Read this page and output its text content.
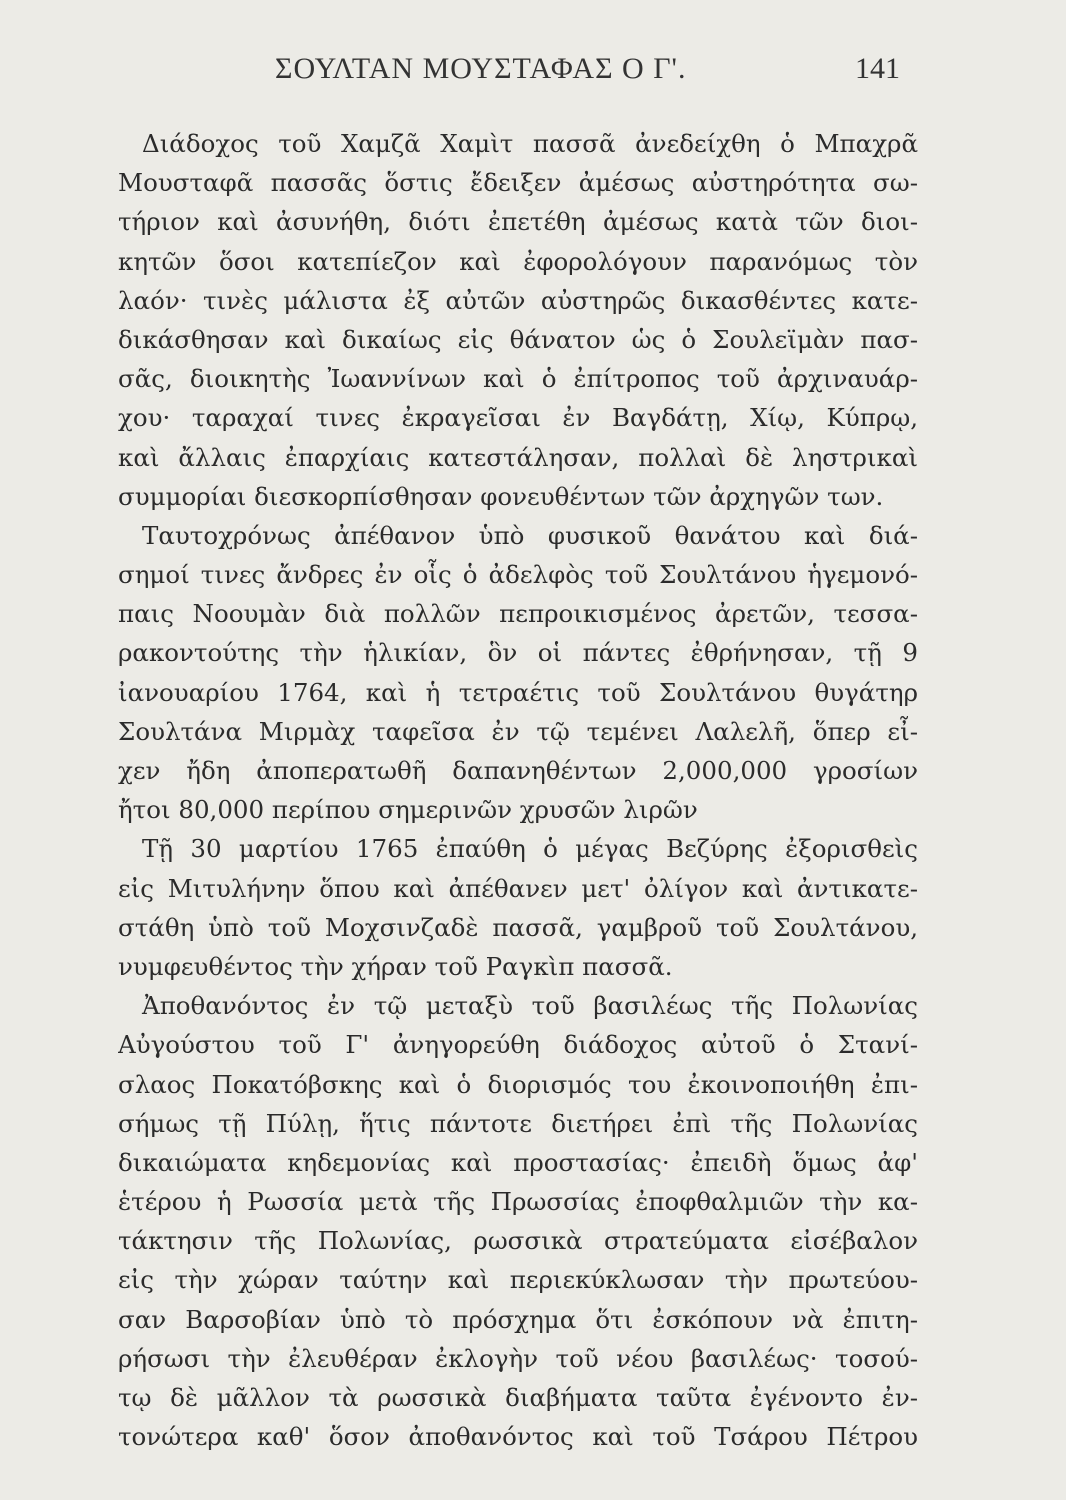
ΣΟΥΛΤΑΝ ΜΟΥΣΤΑΦΑΣ Ο Γ'.	141
Διάδοχος τοῦ Χαμζᾶ Χαμὶτ πασσᾶ ἀνεδείχθη ὁ Μπαχρᾶ
Μουσταφᾶ πασσᾶς ὅστις ἔδειξεν ἀμέσως αὐστηρότητα σω-
τήριον καὶ ἀσυνήθη, διότι ἐπετέθη ἀμέσως κατὰ τῶν διοι-
κητῶν ὅσοι κατεπίεζον καὶ ἐφορολόγουν παρανόμως τὸν
λαόν· τινὲς μάλιστα ἐξ αὐτῶν αὐστηρῶς δικασθέντες κατε-
δικάσθησαν καὶ δικαίως εἰς θάνατον ὡς ὁ Σουλεϊμὰν πασ-
σᾶς, διοικητὴς Ἰωαννίνων καὶ ὁ ἐπίτροπος τοῦ ἀρχιναυάρ-
χου· ταραχαί τινες ἐκραγεῖσαι ἐν Βαγδάτῃ, Χίῳ, Κύπρῳ,
καὶ ἄλλαις ἐπαρχίαις κατεστάλησαν, πολλαὶ δὲ ληστρικαὶ
συμμορίαι διεσκορπίσθησαν φονευθέντων τῶν ἀρχηγῶν των.
Ταυτοχρόνως ἀπέθανον ὑπὸ φυσικοῦ θανάτου καὶ διά-
σημοί τινες ἄνδρες ἐν οἷς ὁ ἀδελφὸς τοῦ Σουλτάνου ἡγεμονό-
παις Νοουμὰν διὰ πολλῶν πεπροικισμένος ἀρετῶν, τεσσα-
ρακοντούτης τὴν ἡλικίαν, ὃν οἱ πάντες ἐθρήνησαν, τῇ 9
ἰανουαρίου 1764, καὶ ἡ τετραέτις τοῦ Σουλτάνου θυγάτηρ
Σουλτάνα Μιρμὰχ ταφεῖσα ἐν τῷ τεμένει Λαλελῆ, ὅπερ εἶ-
χεν ἤδη ἀποπερατωθῆ δαπανηθέντων 2,000,000 γροσίων
ἤτοι 80,000 περίπου σημερινῶν χρυσῶν λιρῶν
Τῇ 30 μαρτίου 1765 ἐπαύθη ὁ μέγας Βεζύρης ἐξορισθεὶς
εἰς Μιτυλήνην ὅπου καὶ ἀπέθανεν μετ' ὀλίγον καὶ ἀντικατε-
στάθη ὑπὸ τοῦ Μοχσινζαδὲ πασσᾶ, γαμβροῦ τοῦ Σουλτάνου,
νυμφευθέντος τὴν χήραν τοῦ Ραγκὶπ πασσᾶ.
Ἀποθανόντος ἐν τῷ μεταξὺ τοῦ βασιλέως τῆς Πολωνίας
Αὐγούστου τοῦ Γ' ἀνηγορεύθη διάδοχος αὐτοῦ ὁ Στανί-
σλαος Ποκατόβσκης καὶ ὁ διορισμός του ἐκοινοποιήθη ἐπι-
σήμως τῇ Πύλῃ, ἥτις πάντοτε διετήρει ἐπὶ τῆς Πολωνίας
δικαιώματα κηδεμονίας καὶ προστασίας· ἐπειδὴ ὅμως ἀφ'
ἑτέρου ἡ Ρωσσία μετὰ τῆς Πρωσσίας ἐποφθαλμιῶν τὴν κα-
τάκτησιν τῆς Πολωνίας, ρωσσικὰ στρατεύματα εἰσέβαλον
εἰς τὴν χώραν ταύτην καὶ περιεκύκλωσαν τὴν πρωτεύου-
σαν Βαρσοβίαν ὑπὸ τὸ πρόσχημα ὅτι ἐσκόπουν νὰ ἐπιτη-
ρήσωσι τὴν ἐλευθέραν ἐκλογὴν τοῦ νέου βασιλέως· τοσού-
τῳ δὲ μᾶλλον τὰ ρωσσικὰ διαβήματα ταῦτα ἐγένοντο ἐν-
τονώτερα καθ' ὅσον ἀποθανόντος καὶ τοῦ Τσάρου Πέτρου
